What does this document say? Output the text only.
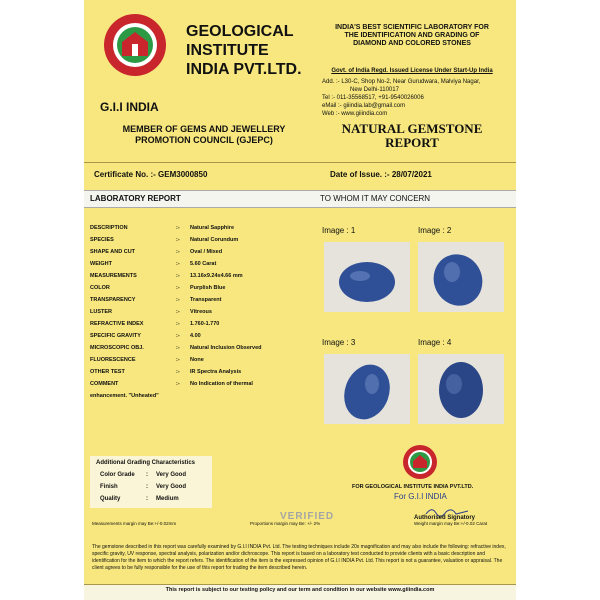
G.I.I INDIA
GEOLOGICAL
INSTITUTE
INDIA PVT.LTD.
MEMBER OF GEMS AND JEWELLERY
PROMOTION COUNCIL (GJEPC)
INDIA'S BEST SCIENTIFIC LABORATORY FOR
THE IDENTIFICATION AND GRADING OF
DIAMOND AND COLORED STONES
Govt. of India Regd. Issued License Under Start-Up India
Add. :- L30-C, Shop No-2, Near Gurudwara, Malviya Nagar,
New Delhi-110017
Tel :- 011-35568517, +91-9540026006
eMail :- giiindia.lab@gmail.com
Web :- www.giiindia.com
NATURAL GEMSTONE
REPORT
Certificate No. :- GEM3000850	Date of Issue. :- 28/07/2021
LABORATORY REPORT	TO WHOM IT MAY CONCERN
DESCRIPTION	:- Natural Sapphire
SPECIES	:- Natural Corundum
SHAPE AND CUT	:- Oval / Mixed
WEIGHT	:- 5.60 Carat
MEASUREMENTS	:- 13.16x9.24x4.66 mm
COLOR	:- Purplish Blue
TRANSPARENCY	:- Transparent
LUSTER	:- Vitreous
REFRACTIVE INDEX	:- 1.760-1.770
SPECIFIC GRAVITY	:- 4.00
MICROSCOPIC OBJ.	:- Natural Inclusion Observed
FLUORESCENCE	:- None
OTHER TEST	:- IR Spectra Analysis
COMMENT	:- No Indication of thermal
enhancement. "Unheated"
Image : 1	Image : 2
Image : 3	Image : 4
Additional Grading Characteristics
Color Grade : Very Good
Finish	: Very Good
Quality	: Medium
FOR GEOLOGICAL INSTITUTE INDIA PVT.LTD.
For G.I.I INDIA
Authorised Signatory
VERIFIED
Measurements margin may Be:+/-0.02mm	Proportions margin may Be: +/- 2%	Weight margin may Be:+/-0.02 Carat
The gemstone described in this report was carefully examined by G.I.I INDIA Pvt. Ltd. The testing techniques include 20x magnification and may also include the following: refractive index, specific gravity, UV response, spectral analysis, polarization and/or dichroscope. This report is based on a laboratory test conducted to provide clients with a basic description and identification for the item to which the report refers. The identification of the item is the expressed opinion of G.I.I INDIA Pvt. Ltd. This report is not a guarantee, valuation or appraisal. The client agrees to be fully responsible for the use of this report for trading the item described herein.
This report is subject to our testing policy and our term and condition in our website www.giiindia.com
